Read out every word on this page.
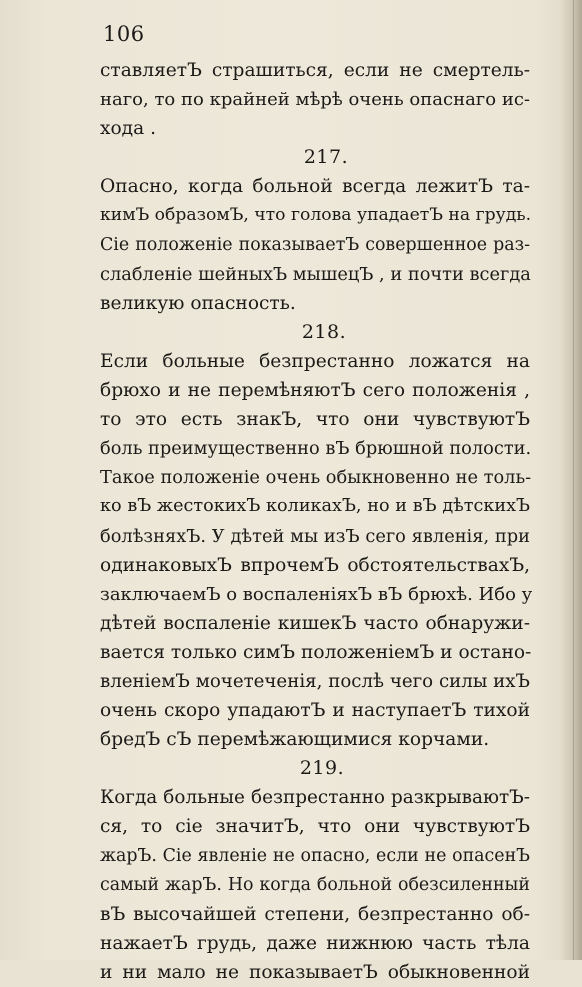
106
ставляетЪ страшиться, если не смертель-
наго, то по крайней мѣрѣ очень опаснаго ис-
хода .
217.
Опасно, когда больной всегда лежитЪ та-
кимЪ образомЪ, что голова упадаетЪ на грудь.
Сіе положеніе показываетЪ совершенное раз-
слабленіе шейныхЪ мышецЪ , и почти всегда
великую опасность.
218.
Если больные безпрестанно ложатся на
брюхо и не перемѣняютЪ сего положенія ,
то это есть знакЪ, что они чувствуютЪ
боль преимущественно вЪ брюшной полости.
Такое положеніе очень обыкновенно не толь-
ко вЪ жестокихЪ коликахЪ, но и вЪ дѣтскихЪ
болѣзняхЪ. У дѣтей мы изЪ сего явленія, при
одинаковыхЪ впрочемЪ обстоятельствахЪ,
заключаемЪ о воспаленіяхЪ вЪ брюхѣ. Ибо у
дѣтей воспаленіе кишекЪ часто обнаружи-
вается только симЪ положеніемЪ и остано-
вленіемЪ мочетеченія, послѣ чего силы ихЪ
очень скоро упадаютЪ и наступаетЪ тихой
бредЪ сЪ перемѣжающимися корчами.
219.
Когда больные безпрестанно разкрываютЪ-
ся, то сіе значитЪ, что они чувствуютЪ
жарЪ. Сіе явленіе не опасно, если не опасенЪ
самый жарЪ. Но когда больной обезсиленный
вЪ высочайшей степени, безпрестанно об-
нажаетЪ грудь, даже нижнюю часть тѣла
и ни мало не показываетЪ обыкновенной
